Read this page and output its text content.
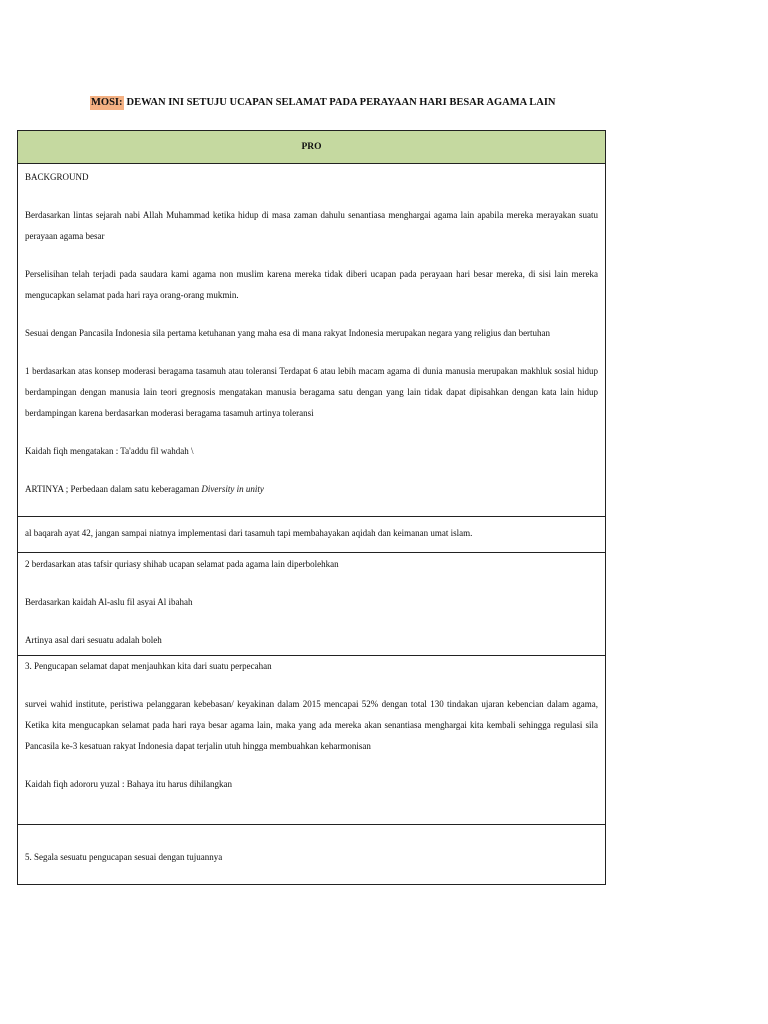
MOSI: DEWAN INI SETUJU UCAPAN SELAMAT PADA PERAYAAN HARI BESAR AGAMA LAIN
PRO

BACKGROUND

Berdasarkan lintas sejarah nabi Allah Muhammad ketika hidup di masa zaman dahulu senantiasa menghargai agama lain apabila mereka merayakan suatu perayaan agama besar

Perselisihan telah terjadi pada saudara kami agama non muslim karena mereka tidak diberi ucapan pada perayaan hari besar mereka, di sisi lain mereka mengucapkan selamat pada hari raya orang-orang mukmin.

Sesuai dengan Pancasila Indonesia sila pertama ketuhanan yang maha esa di mana rakyat Indonesia merupakan negara yang religius dan bertuhan

1 berdasarkan atas konsep moderasi beragama tasamuh atau toleransi Terdapat 6 atau lebih macam agama di dunia manusia merupakan makhluk sosial hidup berdampingan dengan manusia lain teori gregnosis mengatakan manusia beragama satu dengan yang lain tidak dapat dipisahkan dengan kata lain hidup berdampingan karena berdasarkan moderasi beragama tasamuh artinya toleransi

Kaidah fiqh mengatakan : Ta'addu fil wahdah \

ARTINYA ; Perbedaan dalam satu keberagaman Diversity in unity

al baqarah ayat 42, jangan sampai niatnya implementasi dari tasamuh tapi membahayakan aqidah dan keimanan umat islam.

2 berdasarkan atas tafsir quriasy shihab ucapan selamat pada agama lain diperbolehkan

Berdasarkan kaidah Al-aslu fil asyai Al ibahah

Artinya asal dari sesuatu adalah boleh

3. Pengucapan selamat dapat menjauhkan kita dari suatu perpecahan

survei wahid institute, peristiwa pelanggaran kebebasan/ keyakinan dalam 2015 mencapai 52% dengan total 130 tindakan ujaran kebencian dalam agama, Ketika kita mengucapkan selamat pada hari raya besar agama lain, maka yang ada mereka akan senantiasa menghargai kita kembali sehingga regulasi sila Pancasila ke-3 kesatuan rakyat Indonesia dapat terjalin utuh hingga membuahkan keharmonisan

Kaidah fiqh adororu yuzal : Bahaya itu harus dihilangkan

5. Segala sesuatu pengucapan sesuai dengan tujuannya
